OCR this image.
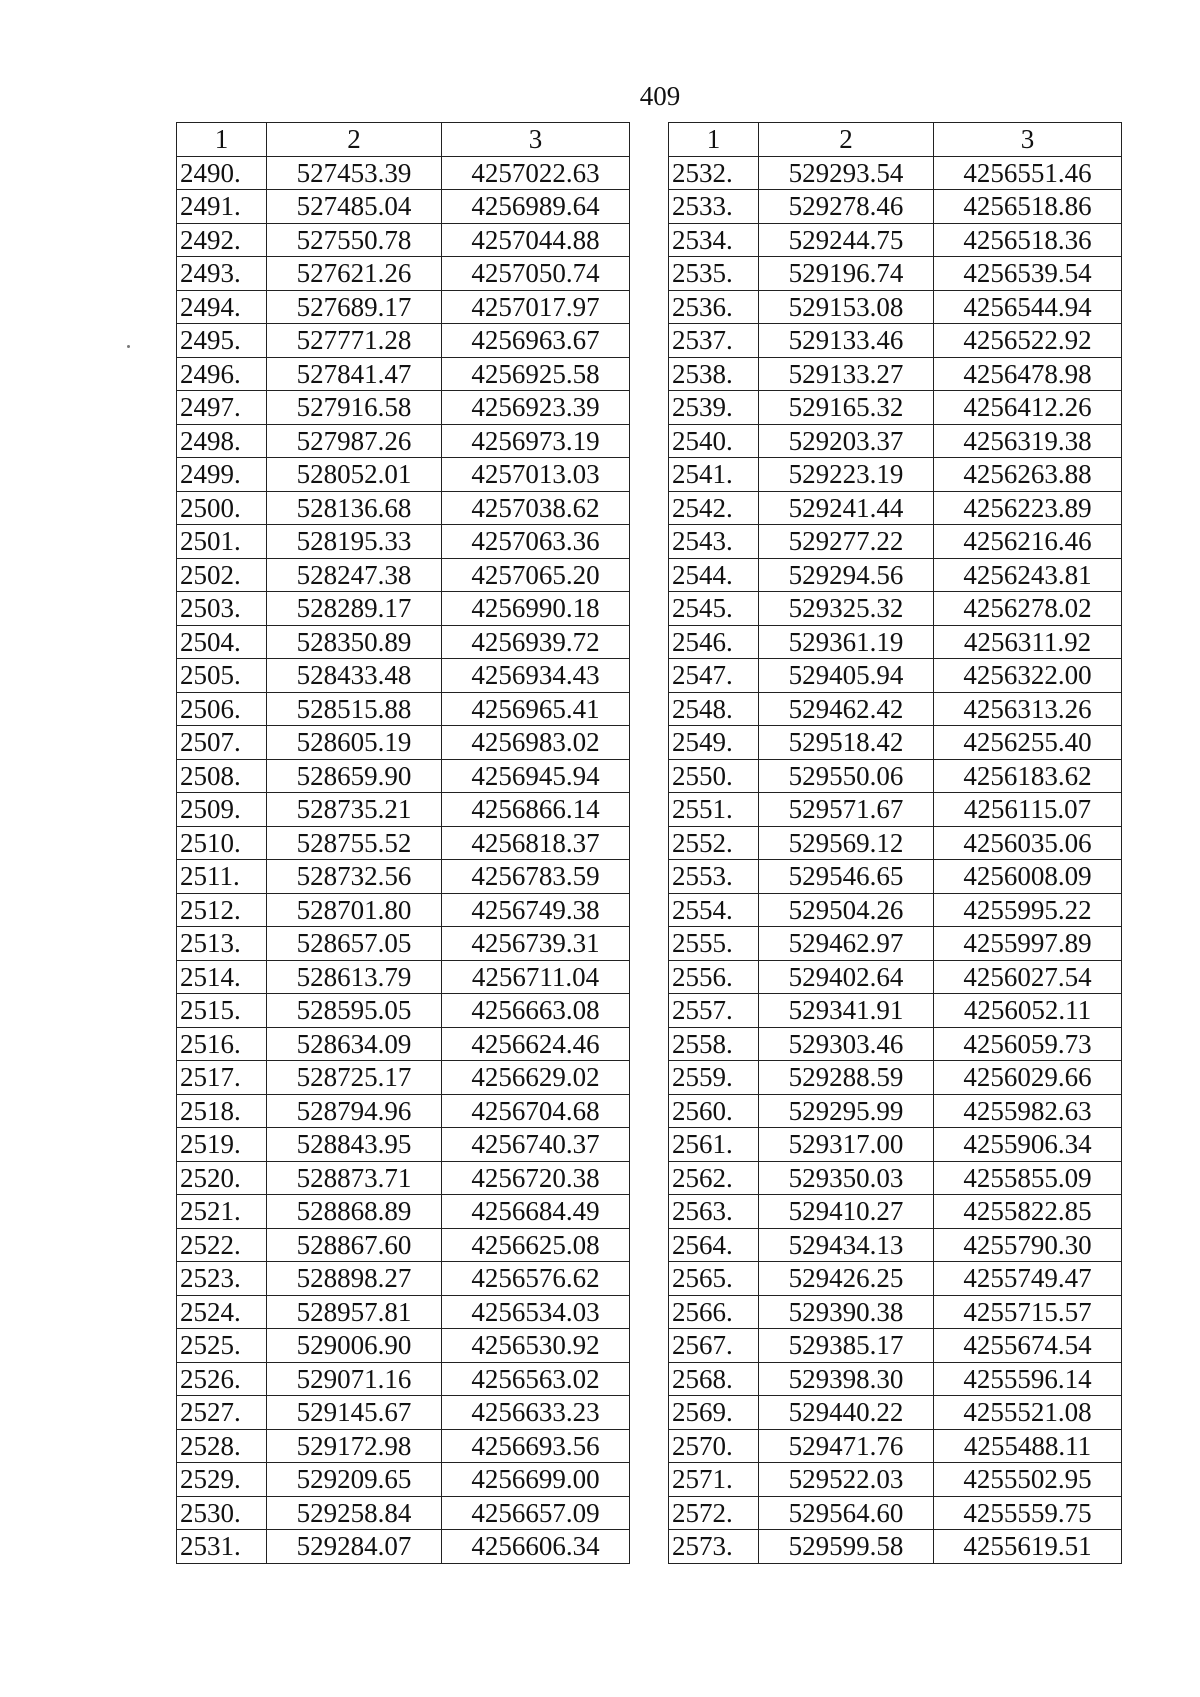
409
1	2	3
2490.	527453.39	4257022.63
2491.	527485.04	4256989.64
2492.	527550.78	4257044.88
2493.	527621.26	4257050.74
2494.	527689.17	4257017.97
2495.	527771.28	4256963.67
2496.	527841.47	4256925.58
2497.	527916.58	4256923.39
2498.	527987.26	4256973.19
2499.	528052.01	4257013.03
2500.	528136.68	4257038.62
2501.	528195.33	4257063.36
2502.	528247.38	4257065.20
2503.	528289.17	4256990.18
2504.	528350.89	4256939.72
2505.	528433.48	4256934.43
2506.	528515.88	4256965.41
2507.	528605.19	4256983.02
2508.	528659.90	4256945.94
2509.	528735.21	4256866.14
2510.	528755.52	4256818.37
2511.	528732.56	4256783.59
2512.	528701.80	4256749.38
2513.	528657.05	4256739.31
2514.	528613.79	4256711.04
2515.	528595.05	4256663.08
2516.	528634.09	4256624.46
2517.	528725.17	4256629.02
2518.	528794.96	4256704.68
2519.	528843.95	4256740.37
2520.	528873.71	4256720.38
2521.	528868.89	4256684.49
2522.	528867.60	4256625.08
2523.	528898.27	4256576.62
2524.	528957.81	4256534.03
2525.	529006.90	4256530.92
2526.	529071.16	4256563.02
2527.	529145.67	4256633.23
2528.	529172.98	4256693.56
2529.	529209.65	4256699.00
2530.	529258.84	4256657.09
2531.	529284.07	4256606.34
1	2	3
2532.	529293.54	4256551.46
2533.	529278.46	4256518.86
2534.	529244.75	4256518.36
2535.	529196.74	4256539.54
2536.	529153.08	4256544.94
2537.	529133.46	4256522.92
2538.	529133.27	4256478.98
2539.	529165.32	4256412.26
2540.	529203.37	4256319.38
2541.	529223.19	4256263.88
2542.	529241.44	4256223.89
2543.	529277.22	4256216.46
2544.	529294.56	4256243.81
2545.	529325.32	4256278.02
2546.	529361.19	4256311.92
2547.	529405.94	4256322.00
2548.	529462.42	4256313.26
2549.	529518.42	4256255.40
2550.	529550.06	4256183.62
2551.	529571.67	4256115.07
2552.	529569.12	4256035.06
2553.	529546.65	4256008.09
2554.	529504.26	4255995.22
2555.	529462.97	4255997.89
2556.	529402.64	4256027.54
2557.	529341.91	4256052.11
2558.	529303.46	4256059.73
2559.	529288.59	4256029.66
2560.	529295.99	4255982.63
2561.	529317.00	4255906.34
2562.	529350.03	4255855.09
2563.	529410.27	4255822.85
2564.	529434.13	4255790.30
2565.	529426.25	4255749.47
2566.	529390.38	4255715.57
2567.	529385.17	4255674.54
2568.	529398.30	4255596.14
2569.	529440.22	4255521.08
2570.	529471.76	4255488.11
2571.	529522.03	4255502.95
2572.	529564.60	4255559.75
2573.	529599.58	4255619.51
